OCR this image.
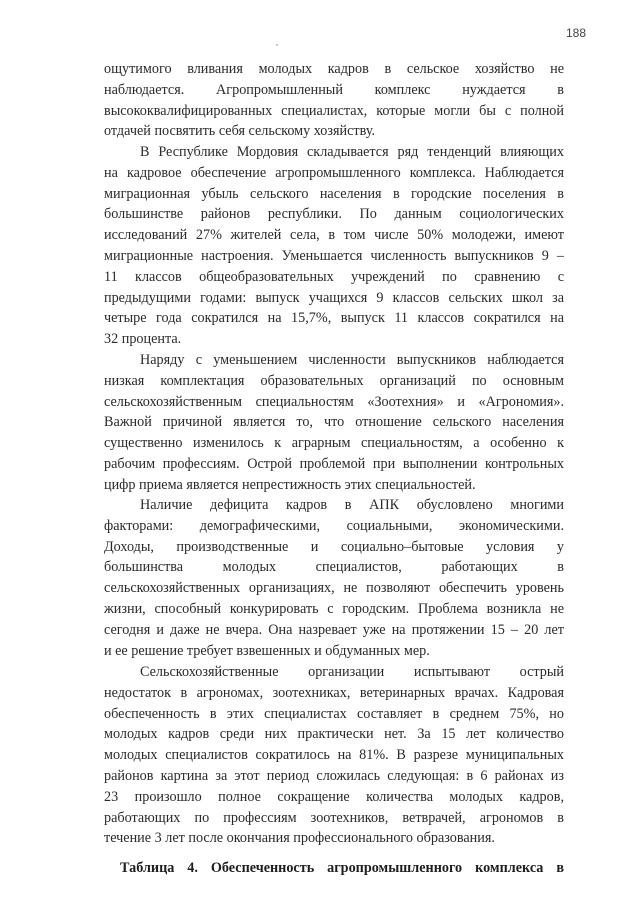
188
ощутимого вливания молодых кадров в сельское хозяйство не
наблюдается. Агропромышленный комплекс нуждается в
высококвалифицированных специалистах, которые могли бы с полной
отдачей посвятить себя сельскому хозяйству.
В Республике Мордовия складывается ряд тенденций влияющих
на кадровое обеспечение агропромышленного комплекса. Наблюдается
миграционная убыль сельского населения в городские поселения в
большинстве районов республики. По данным социологических
исследований 27% жителей села, в том числе 50% молодежи, имеют
миграционные настроения. Уменьшается численность выпускников 9 –
11 классов общеобразовательных учреждений по сравнению с
предыдущими годами: выпуск учащихся 9 классов сельских школ за
четыре года сократился на 15,7%, выпуск 11 классов сократился на
32 процента.
Наряду с уменьшением численности выпускников наблюдается
низкая комплектация образовательных организаций по основным
сельскохозяйственным специальностям «Зоотехния» и «Агрономия».
Важной причиной является то, что отношение сельского населения
существенно изменилось к аграрным специальностям, а особенно к
рабочим профессиям. Острой проблемой при выполнении контрольных
цифр приема является непрестижность этих специальностей.
Наличие дефицита кадров в АПК обусловлено многими
факторами: демографическими, социальными, экономическими.
Доходы, производственные и социально–бытовые условия у
большинства молодых специалистов, работающих в
сельскохозяйственных организациях, не позволяют обеспечить уровень
жизни, способный конкурировать с городским. Проблема возникла не
сегодня и даже не вчера. Она назревает уже на протяжении 15 – 20 лет
и ее решение требует взвешенных и обдуманных мер.
Сельскохозяйственные организации испытывают острый
недостаток в агрономах, зоотехниках, ветеринарных врачах. Кадровая
обеспеченность в этих специалистах составляет в среднем 75%, но
молодых кадров среди них практически нет. За 15 лет количество
молодых специалистов сократилось на 81%. В разрезе муниципальных
районов картина за этот период сложилась следующая: в 6 районах из
23 произошло полное сокращение количества молодых кадров,
работающих по профессиям зоотехников, ветврачей, агрономов в
течение 3 лет после окончания профессионального образования.
Таблица 4. Обеспеченность агропромышленного комплекса в
